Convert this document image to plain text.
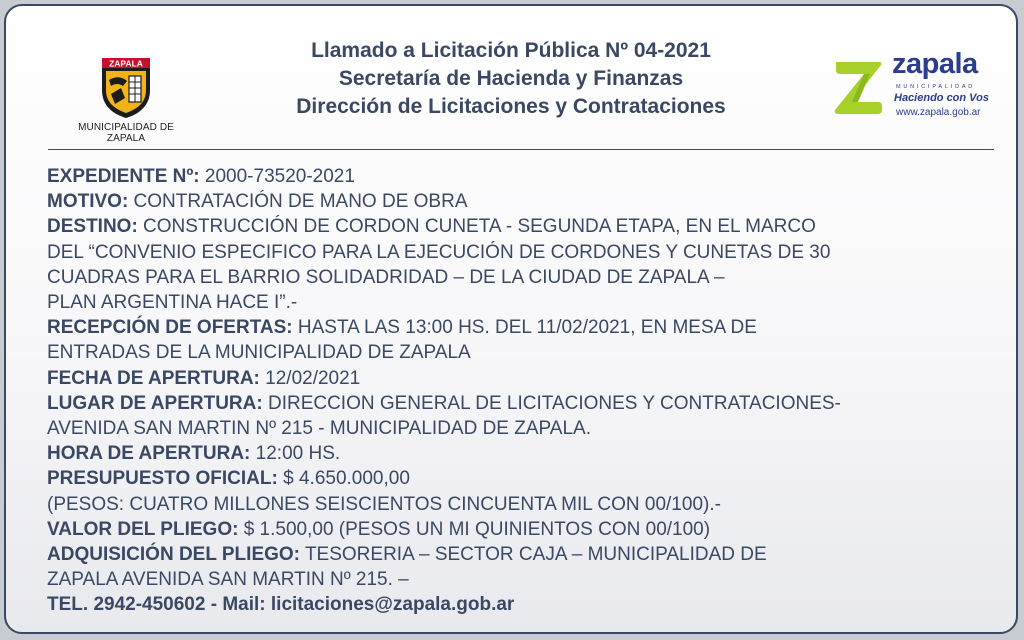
ZAPALA
MUNICIPALIDAD DE ZAPALA
Llamado a Licitación Pública Nº 04-2021
Secretaría de Hacienda y Finanzas
Dirección de Licitaciones y Contrataciones
zapala
MUNICIPALIDAD
Haciendo con Vos
www.zapala.gob.ar
EXPEDIENTE Nº: 2000-73520-2021
MOTIVO: CONTRATACIÓN DE MANO DE OBRA
DESTINO: CONSTRUCCIÓN DE CORDON CUNETA - SEGUNDA ETAPA, EN EL MARCO
DEL “CONVENIO ESPECIFICO PARA LA EJECUCIÓN DE CORDONES Y CUNETAS DE 30
CUADRAS PARA EL BARRIO SOLIDADRIDAD – DE LA CIUDAD DE ZAPALA –
PLAN ARGENTINA HACE I”.-
RECEPCIÓN DE OFERTAS: HASTA LAS 13:00 HS. DEL 11/02/2021, EN MESA DE
ENTRADAS DE LA MUNICIPALIDAD DE ZAPALA
FECHA DE APERTURA: 12/02/2021
LUGAR DE APERTURA: DIRECCION GENERAL DE LICITACIONES Y CONTRATACIONES-
AVENIDA SAN MARTIN Nº 215 - MUNICIPALIDAD DE ZAPALA.
HORA DE APERTURA: 12:00 HS.
PRESUPUESTO OFICIAL: $ 4.650.000,00
(PESOS: CUATRO MILLONES SEISCIENTOS CINCUENTA MIL CON 00/100).-
VALOR DEL PLIEGO: $ 1.500,00 (PESOS UN MI QUINIENTOS CON 00/100)
ADQUISICIÓN DEL PLIEGO: TESORERIA – SECTOR CAJA – MUNICIPALIDAD DE
ZAPALA AVENIDA SAN MARTIN Nº 215. –
TEL. 2942-450602 - Mail: licitaciones@zapala.gob.ar
